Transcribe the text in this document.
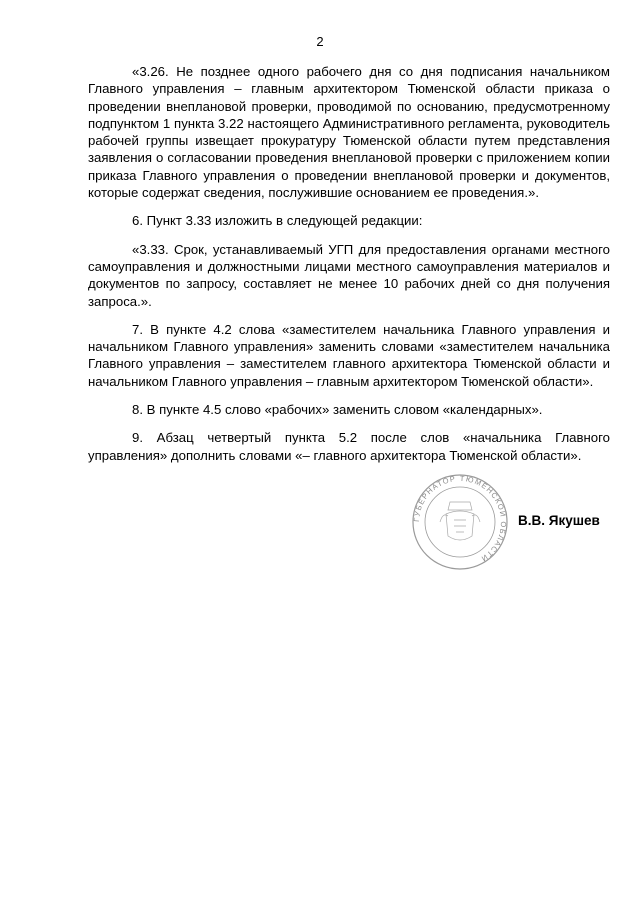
2

«3.26. Не позднее одного рабочего дня со дня подписания начальником Главного управления – главным архитектором Тюменской области приказа о проведении внеплановой проверки, проводимой по основанию, предусмотренному подпунктом 1 пункта 3.22 настоящего Административного регламента, руководитель рабочей группы извещает прокуратуру Тюменской области путем представления заявления о согласовании проведения внеплановой проверки с приложением копии приказа Главного управления о проведении внеплановой проверки и документов, которые содержат сведения, послужившие основанием ее проведения.».

6. Пункт 3.33 изложить в следующей редакции:

«3.33. Срок, устанавливаемый УГП для предоставления органами местного самоуправления и должностными лицами местного самоуправления материалов и документов по запросу, составляет не менее 10 рабочих дней со дня получения запроса.».

7. В пункте 4.2 слова «заместителем начальника Главного управления и начальником Главного управления» заменить словами «заместителем начальника Главного управления – заместителем главного архитектора Тюменской области и начальником Главного управления – главным архитектором Тюменской области».

8. В пункте 4.5 слово «рабочих» заменить словом «календарных».

9. Абзац четвертый пункта 5.2 после слов «начальника Главного управления» дополнить словами «– главного архитектора Тюменской области».

ГУБЕРНАТОР ТЮМЕНСКОЙ ОБЛАСТИ
В.В. Якушев
